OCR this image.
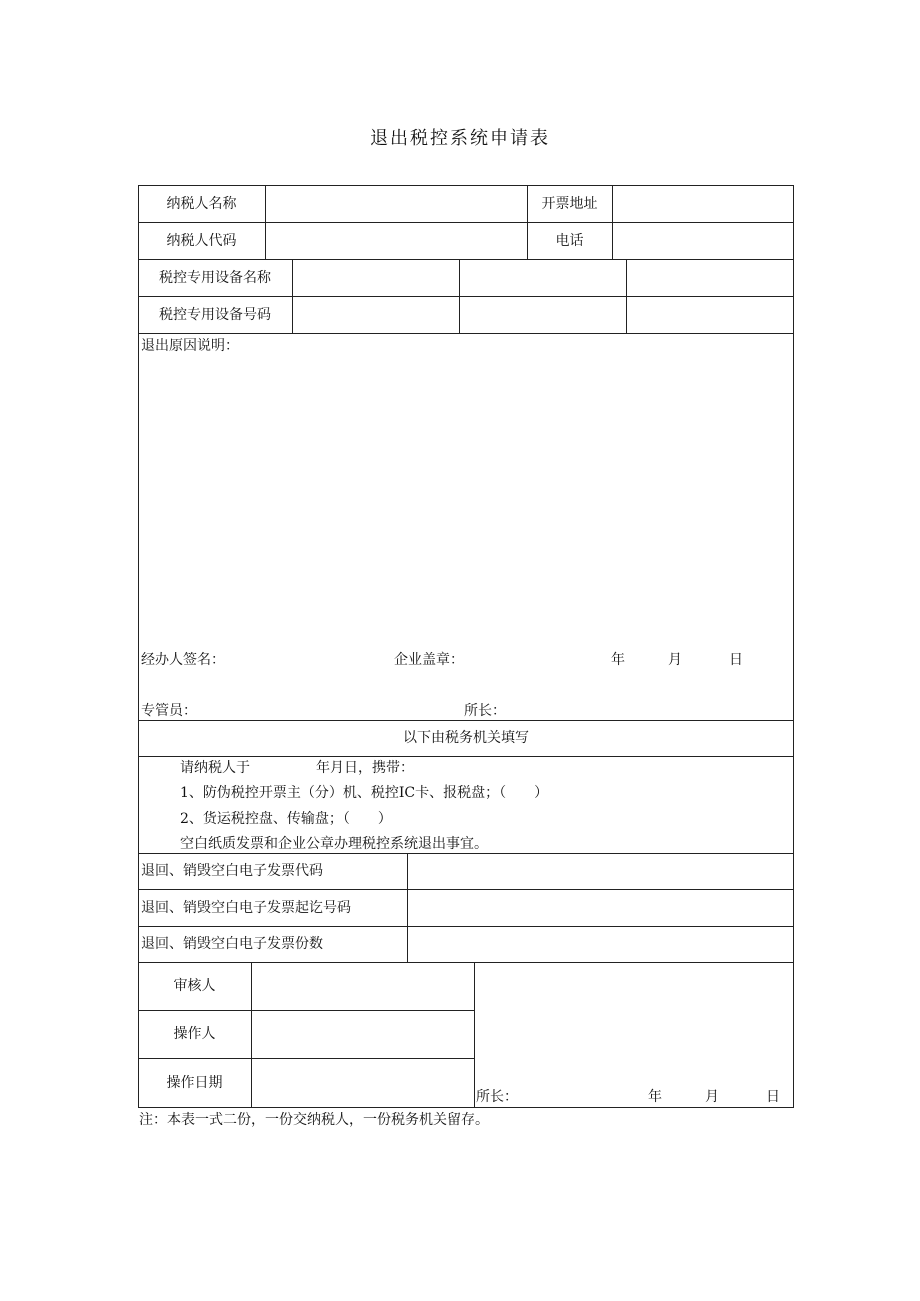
退出税控系统申请表
纳税人名称	开票地址
纳税人代码	电话
税控专用设备名称
税控专用设备号码
退出原因说明：
经办人签名：	企业盖章：	年	月	日
专管员：	所长：
以下由税务机关填写
请纳税人于	年月日，携带：
1、防伪税控开票主（分）机、税控IC卡、报税盘；（　　）
2、货运税控盘、传输盘；（　　）
空白纸质发票和企业公章办理税控系统退出事宜。
退回、销毁空白电子发票代码
退回、销毁空白电子发票起讫号码
退回、销毁空白电子发票份数
审核人
操作人
操作日期
所长：	年	月	日
注：本表一式二份，一份交纳税人，一份税务机关留存。
